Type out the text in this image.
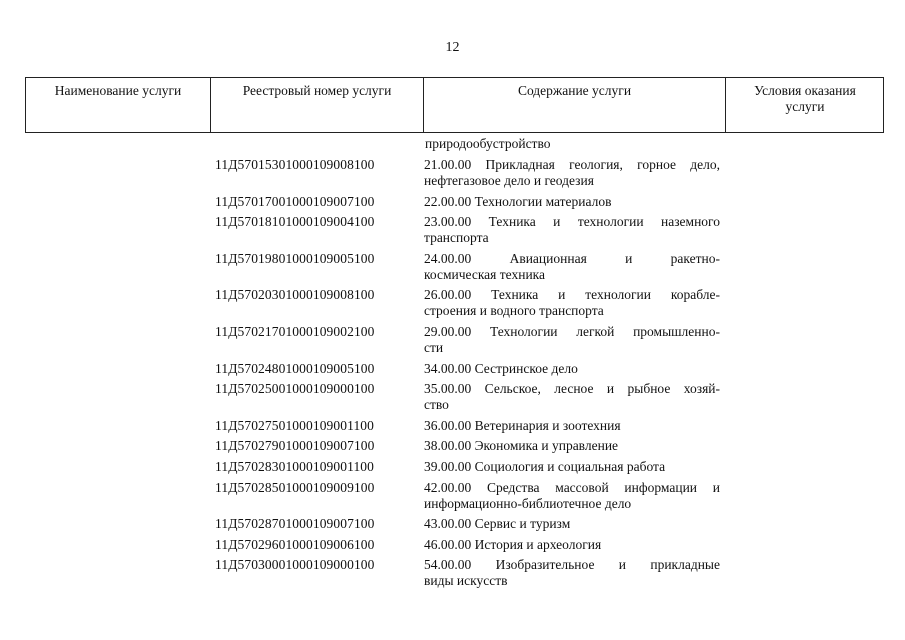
12
Наименование услуги	Реестровый номер услуги	Содержание услуги	Условия оказания услуги
природообустройство
11Д57015301000109008100	21.00.00 Прикладная геология, горное дело,
нефтегазовое дело и геодезия
11Д57017001000109007100	22.00.00 Технологии материалов
11Д57018101000109004100	23.00.00 Техника и технологии наземного
транспорта
11Д57019801000109005100	24.00.00 Авиационная и ракетно-
космическая техника
11Д57020301000109008100	26.00.00 Техника и технологии корабле-
строения и водного транспорта
11Д57021701000109002100	29.00.00 Технологии легкой промышленно-
сти
11Д57024801000109005100	34.00.00 Сестринское дело
11Д57025001000109000100	35.00.00 Сельское, лесное и рыбное хозяй-
ство
11Д57027501000109001100	36.00.00 Ветеринария и зоотехния
11Д57027901000109007100	38.00.00 Экономика и управление
11Д57028301000109001100	39.00.00 Социология и социальная работа
11Д57028501000109009100	42.00.00 Средства массовой информации и
информационно-библиотечное дело
11Д57028701000109007100	43.00.00 Сервис и туризм
11Д57029601000109006100	46.00.00 История и археология
11Д57030001000109000100	54.00.00 Изобразительное и прикладные
виды искусств
